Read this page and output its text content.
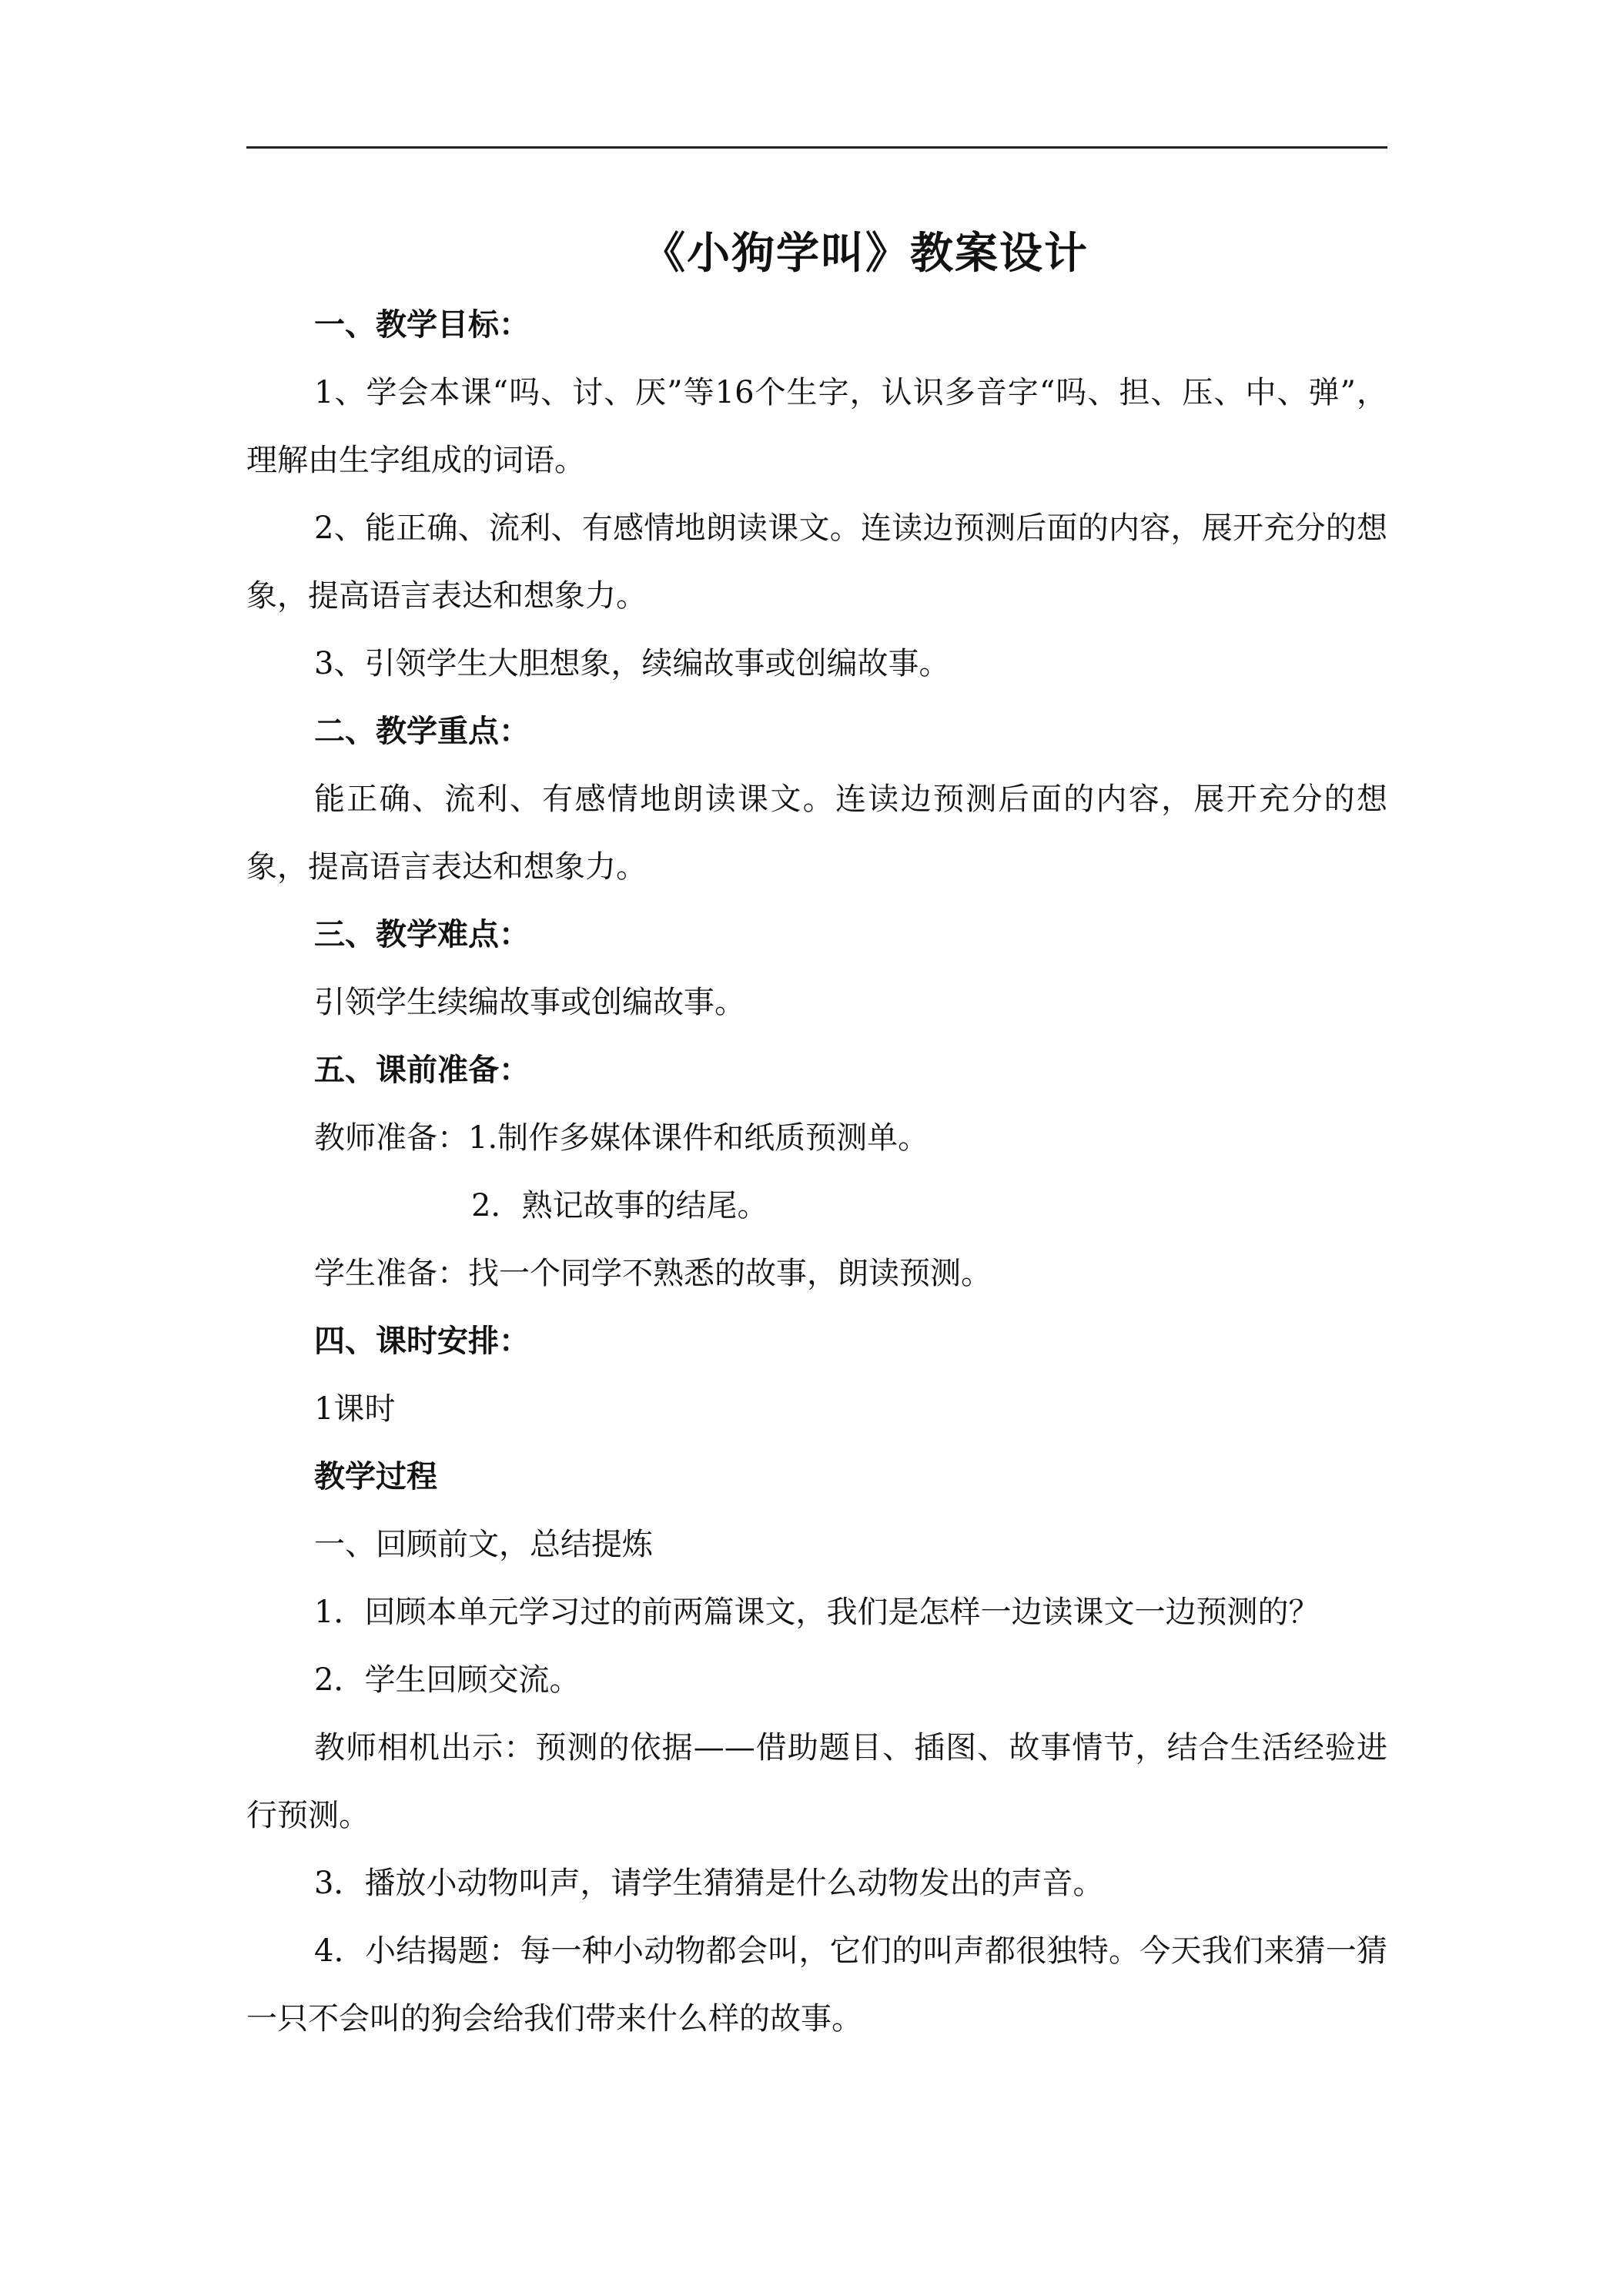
《小狗学叫》教案设计

一、教学目标：

1、学会本课“吗、讨、厌”等16个生字，认识多音字“吗、担、压、中、弹”，理解由生字组成的词语。

2、能正确、流利、有感情地朗读课文。连读边预测后面的内容，展开充分的想象，提高语言表达和想象力。

3、引领学生大胆想象，续编故事或创编故事。

二、教学重点：

能正确、流利、有感情地朗读课文。连读边预测后面的内容，展开充分的想象，提高语言表达和想象力。

三、教学难点：

引领学生续编故事或创编故事。

五、课前准备：

教师准备：1.制作多媒体课件和纸质预测单。

2．熟记故事的结尾。

学生准备：找一个同学不熟悉的故事，朗读预测。

四、课时安排：

1课时

教学过程

一、回顾前文，总结提炼

1．回顾本单元学习过的前两篇课文，我们是怎样一边读课文一边预测的？

2．学生回顾交流。

教师相机出示：预测的依据——借助题目、插图、故事情节，结合生活经验进行预测。

3．播放小动物叫声，请学生猜猜是什么动物发出的声音。

4．小结揭题：每一种小动物都会叫，它们的叫声都很独特。今天我们来猜一猜一只不会叫的狗会给我们带来什么样的故事。
